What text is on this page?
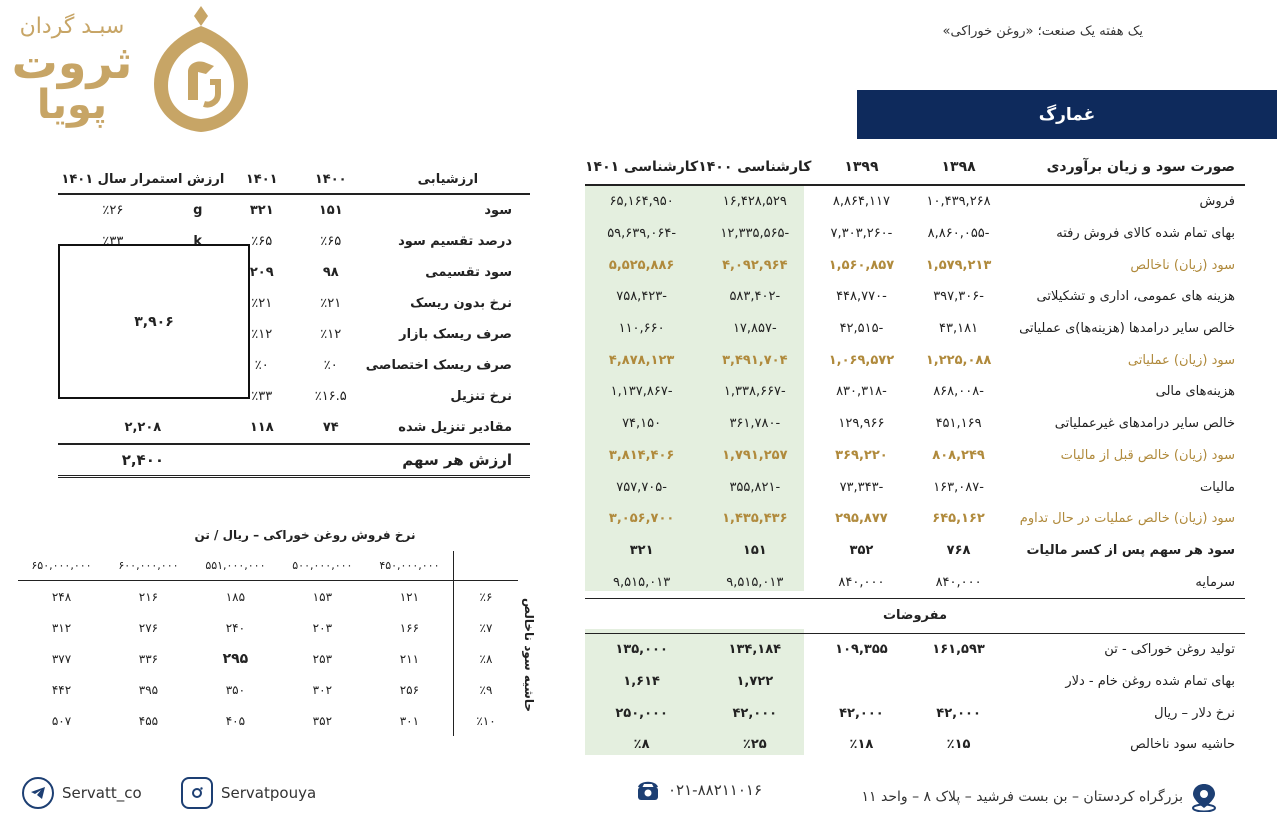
سبـد گردان
ثروت
پویا
یک هفته یک صنعت؛ «روغن خوراکی»
غمارگ
صورت سود و زیان برآوردی	۱۳۹۸	۱۳۹۹	کارشناسی ۱۴۰۰	کارشناسی ۱۴۰۱
فروش	۱۰,۴۳۹,۲۶۸	۸,۸۶۴,۱۱۷	۱۶,۴۲۸,۵۲۹	۶۵,۱۶۴,۹۵۰
بهای تمام شده کالای فروش رفته	-۸,۸۶۰,۰۵۵	-۷,۳۰۳,۲۶۰	-۱۲,۳۳۵,۵۶۵	-۵۹,۶۳۹,۰۶۴
سود (زیان) ناخالص	۱,۵۷۹,۲۱۳	۱,۵۶۰,۸۵۷	۴,۰۹۲,۹۶۴	۵,۵۲۵,۸۸۶
هزینه های عمومی، اداری و تشکیلاتی	-۳۹۷,۳۰۶	-۴۴۸,۷۷۰	-۵۸۳,۴۰۲	-۷۵۸,۴۲۳
خالص سایر درامدها (هزینه‌ها)ی عملیاتی	۴۳,۱۸۱	-۴۲,۵۱۵	-۱۷,۸۵۷	۱۱۰,۶۶۰
سود (زیان) عملیاتی	۱,۲۲۵,۰۸۸	۱,۰۶۹,۵۷۲	۳,۴۹۱,۷۰۴	۴,۸۷۸,۱۲۳
هزینه‌های مالی	-۸۶۸,۰۰۸	-۸۳۰,۳۱۸	-۱,۳۳۸,۶۶۷	-۱,۱۳۷,۸۶۷
خالص سایر درامدهای غیرعملیاتی	۴۵۱,۱۶۹	۱۲۹,۹۶۶	-۳۶۱,۷۸۰	۷۴,۱۵۰
سود (زیان) خالص قبل از مالیات	۸۰۸,۲۴۹	۳۶۹,۲۲۰	۱,۷۹۱,۲۵۷	۳,۸۱۴,۴۰۶
مالیات	-۱۶۳,۰۸۷	-۷۳,۳۴۳	-۳۵۵,۸۲۱	-۷۵۷,۷۰۵
سود (زیان) خالص عملیات در حال تداوم	۶۴۵,۱۶۲	۲۹۵,۸۷۷	۱,۴۳۵,۴۳۶	۳,۰۵۶,۷۰۰
سود هر سهم پس از کسر مالیات	۷۶۸	۳۵۲	۱۵۱	۳۲۱
سرمایه	۸۴۰,۰۰۰	۸۴۰,۰۰۰	۹,۵۱۵,۰۱۳	۹,۵۱۵,۰۱۳
مفروضات				
تولید روغن خوراکی - تن	۱۶۱,۵۹۳	۱۰۹,۳۵۵	۱۳۴,۱۸۴	۱۳۵,۰۰۰
بهای تمام شده روغن خام - دلار			۱,۷۲۲	۱,۶۱۴
نرخ دلار – ریال	۴۲,۰۰۰	۴۲,۰۰۰	۴۲,۰۰۰	۲۵۰,۰۰۰
حاشیه سود ناخالص	٪۱۵	٪۱۸	٪۲۵	٪۸
ارزشیابی	۱۴۰۰	۱۴۰۱	ارزش استمرار سال ۱۴۰۱	
سود	۱۵۱	۳۲۱	g	٪۲۶
درصد تقسیم سود	٪۶۵	٪۶۵	k	٪۳۳
سود تقسیمی	۹۸	۲۰۹		
نرخ بدون ریسک	٪۲۱	٪۲۱		
صرف ریسک بازار	٪۱۲	٪۱۲		
صرف ریسک اختصاصی	٪۰	٪۰		
نرخ تنزیل	٪۱۶.۵	٪۳۳		
مقادیر تنزیل شده	۷۴	۱۱۸	۲,۲۰۸	
ارزش هر سهم			۲,۴۰۰	
۳,۹۰۶
نرخ فروش روغن خوراکی – ریال / تن
حاشیه سود ناخالص
	۴۵۰,۰۰۰,۰۰۰	۵۰۰,۰۰۰,۰۰۰	۵۵۱,۰۰۰,۰۰۰	۶۰۰,۰۰۰,۰۰۰	۶۵۰,۰۰۰,۰۰۰
٪۶	۱۲۱	۱۵۳	۱۸۵	۲۱۶	۲۴۸
٪۷	۱۶۶	۲۰۳	۲۴۰	۲۷۶	۳۱۲
٪۸	۲۱۱	۲۵۳	۲۹۵	۳۳۶	۳۷۷
٪۹	۲۵۶	۳۰۲	۳۵۰	۳۹۵	۴۴۲
٪۱۰	۳۰۱	۳۵۲	۴۰۵	۴۵۵	۵۰۷
بزرگراه کردستان – بن بست فرشید – پلاک ۸ – واحد ۱۱
۰۲۱-۸۸۲۱۱۰۱۶
Servatt_co	Servatpouya
